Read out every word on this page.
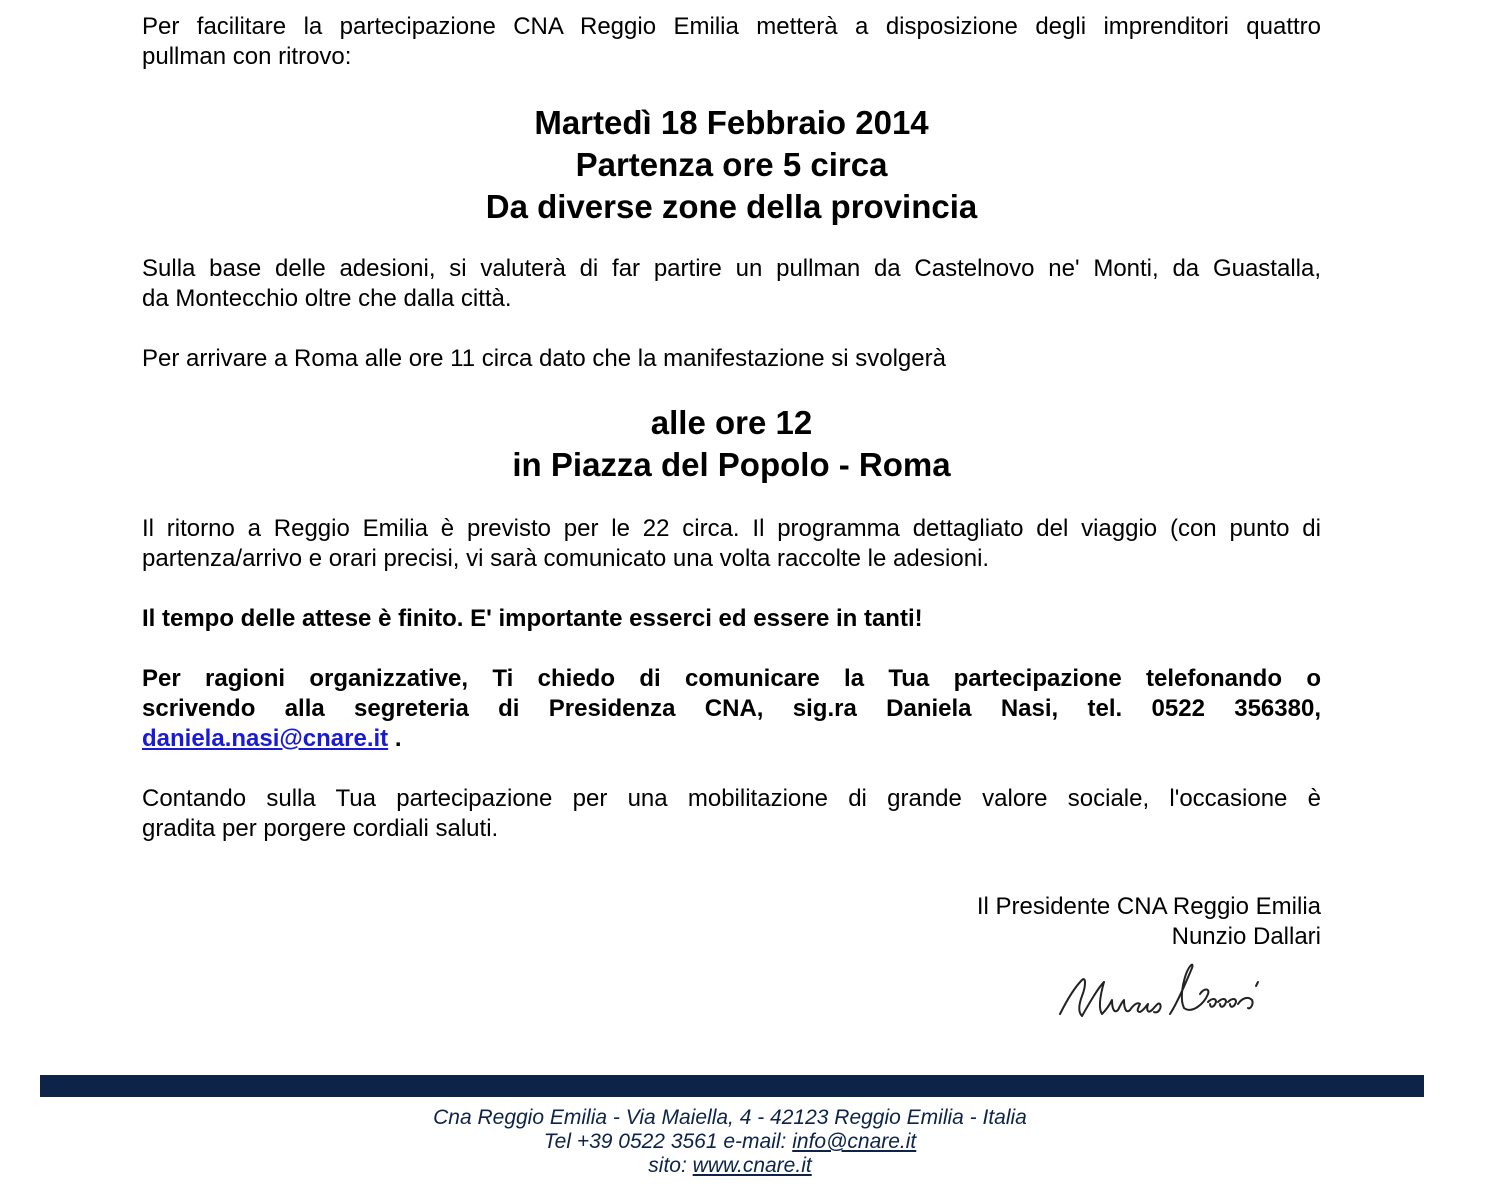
Per facilitare la partecipazione CNA Reggio Emilia metterà a disposizione degli imprenditori quattro

pullman con ritrovo:

Martedì 18 Febbraio 2014
Partenza ore 5 circa
Da diverse zone della provincia

Sulla base delle adesioni, si valuterà di far partire un pullman da Castelnovo ne' Monti, da Guastalla,

da Montecchio oltre che dalla città.

Per arrivare a Roma alle ore 11 circa dato che la manifestazione si svolgerà

alle ore 12
in Piazza del Popolo - Roma

Il ritorno a Reggio Emilia è previsto per le 22 circa. Il programma dettagliato del viaggio (con punto di

partenza/arrivo e orari precisi, vi sarà comunicato una volta raccolte le adesioni.

Il tempo delle attese è finito. E' importante esserci ed essere in tanti!

Per ragioni organizzative, Ti chiedo di comunicare la Tua partecipazione telefonando o

scrivendo alla segreteria di Presidenza CNA, sig.ra Daniela Nasi, tel. 0522 356380,

daniela.nasi@cnare.it .

Contando sulla Tua partecipazione per una mobilitazione di grande valore sociale, l'occasione è

gradita per porgere cordiali saluti.

Il Presidente CNA Reggio Emilia
Nunzio Dallari
Cna Reggio Emilia - Via Maiella, 4 - 42123 Reggio Emilia - Italia
Tel +39 0522 3561 e-mail: info@cnare.it
sito: www.cnare.it
